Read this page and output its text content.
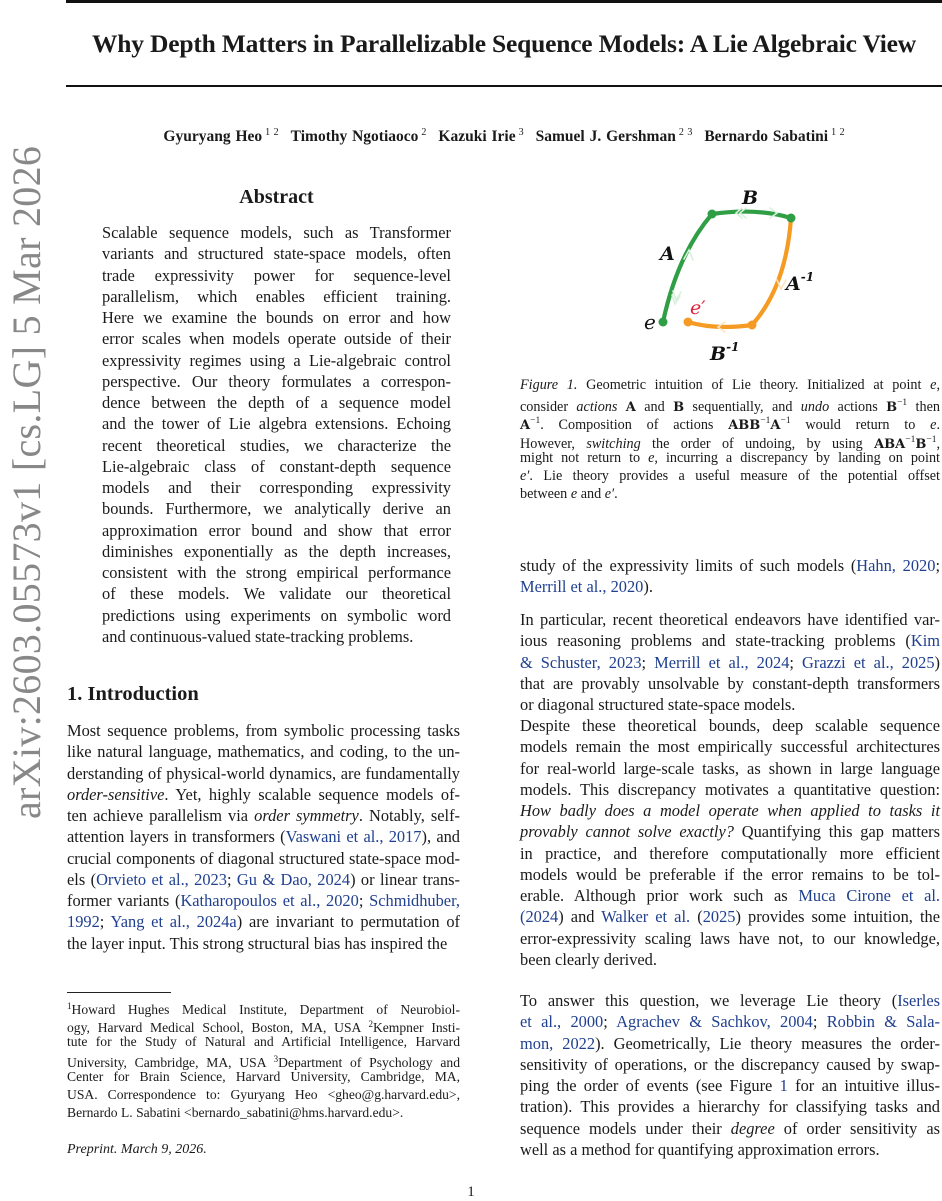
Why Depth Matters in Parallelizable Sequence Models: A Lie Algebraic View
Gyuryang Heo $^{1 2}$ Timothy Ngotiaoco $^2$ Kazuki Irie $^3$ Samuel J. Gershman $^{2 3}$ Bernardo Sabatini $^{1 2}$
arXiv:2603.05573v1 [cs.LG] 5 Mar 2026	Abstract
Scalable sequence models, such as Transformer
variants and structured state-space models, often
trade expressivity power for sequence-level
parallelism, which enables efficient training.
Here we examine the bounds on error and how
error scales when models operate outside of their
expressivity regimes using a Lie-algebraic control
perspective. Our theory formulates a correspon-
dence between the depth of a sequence model
and the tower of Lie algebra extensions. Echoing
recent theoretical studies, we characterize the
Lie-algebraic class of constant-depth sequence
models and their corresponding expressivity
bounds. Furthermore, we analytically derive an
approximation error bound and show that error
diminishes exponentially as the depth increases,
consistent with the strong empirical performance
of these models. We validate our theoretical
predictions using experiments on symbolic word
and continuous-valued state-tracking problems.
1. Introduction
Most sequence problems, from symbolic processing tasks
like natural language, mathematics, and coding, to the un-
derstanding of physical-world dynamics, are fundamentally
order-sensitive. Yet, highly scalable sequence models of-
ten achieve parallelism via order symmetry. Notably, self-
attention layers in transformers (Vaswani et al., 2017), and
crucial components of diagonal structured state-space mod-
els (Orvieto et al., 2023; Gu & Dao, 2024) or linear trans-
former variants (Katharopoulos et al., 2020; Schmidhuber,
1992; Yang et al., 2024a) are invariant to permutation of
the layer input. This strong structural bias has inspired the
$^1$Howard Hughes Medical Institute, Department of Neurobiol-
ogy, Harvard Medical School, Boston, MA, USA $^2$Kempner Insti-
tute for the Study of Natural and Artificial Intelligence, Harvard
University, Cambridge, MA, USA $^3$Department of Psychology and
Center for Brain Science, Harvard University, Cambridge, MA,
USA. Correspondence to: Gyuryang Heo <gheo@g.harvard.edu>,
Bernardo L. Sabatini <bernardo_sabatini@hms.harvard.edu>.
Preprint. March 9, 2026.
A
B
$A^{-1}$
$B^{-1}$
e
e′
Figure 1. Geometric intuition of Lie theory. Initialized at point e,
consider actions A and B sequentially, and undo actions $B^{-1}$ then
$A^{-1}$. Composition of actions $ABB^{-1}A^{-1}$ would return to e.
However, switching the order of undoing, by using $ABA^{-1}B^{-1}$,
might not return to e, incurring a discrepancy by landing on point
e′. Lie theory provides a useful measure of the potential offset
between e and e′.
study of the expressivity limits of such models (Hahn, 2020;
Merrill et al., 2020).
In particular, recent theoretical endeavors have identified var-
ious reasoning problems and state-tracking problems (Kim
& Schuster, 2023; Merrill et al., 2024; Grazzi et al., 2025)
that are provably unsolvable by constant-depth transformers
or diagonal structured state-space models.
Despite these theoretical bounds, deep scalable sequence
models remain the most empirically successful architectures
for real-world large-scale tasks, as shown in large language
models. This discrepancy motivates a quantitative question:
How badly does a model operate when applied to tasks it
provably cannot solve exactly? Quantifying this gap matters
in practice, and therefore computationally more efficient
models would be preferable if the error remains to be tol-
erable. Although prior work such as Muca Cirone et al.
(2024) and Walker et al. (2025) provides some intuition, the
error-expressivity scaling laws have not, to our knowledge,
been clearly derived.
To answer this question, we leverage Lie theory (Iserles
et al., 2000; Agrachev & Sachkov, 2004; Robbin & Sala-
mon, 2022). Geometrically, Lie theory measures the order-
sensitivity of operations, or the discrepancy caused by swap-
ping the order of events (see Figure 1 for an intuitive illus-
tration). This provides a hierarchy for classifying tasks and
sequence models under their degree of order sensitivity as
well as a method for quantifying approximation errors.
1
